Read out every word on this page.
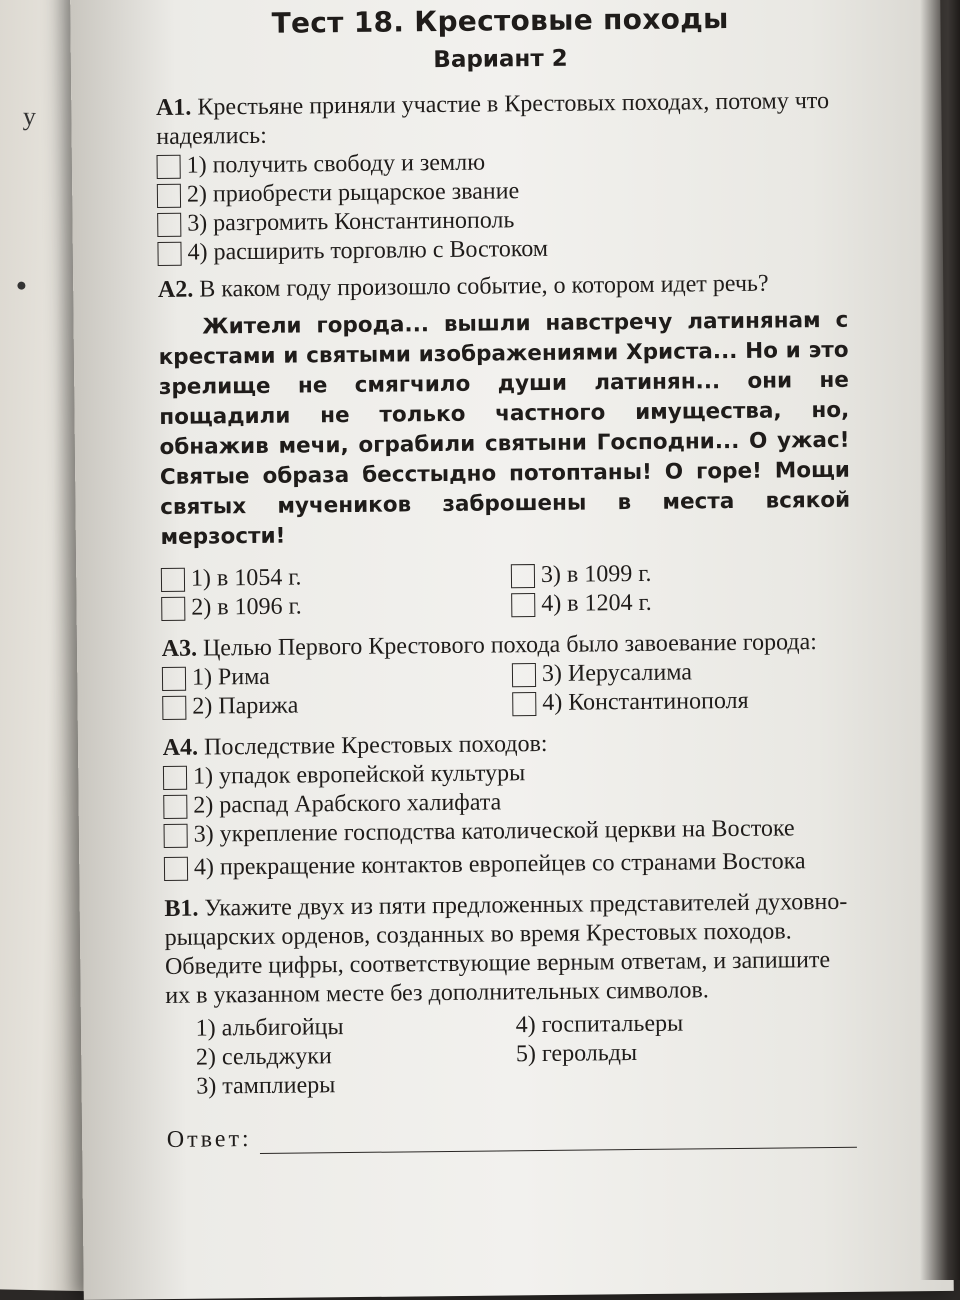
у
Тест 18. Крестовые походы
Вариант 2
А1. Крестьяне приняли участие в Крестовых походах, потому что надеялись:
1) получить свободу и землю
2) приобрести рыцарское звание
3) разгромить Константинополь
4) расширить торговлю с Востоком
А2. В каком году произошло событие, о котором идет речь?

Жители города... вышли навстречу латинянам с крестами и святыми изображениями Христа... Но и это зрелище не смягчило души латинян... они не пощадили не только частного имущества, но, обнажив мечи, ограбили святыни Господни... О ужас! Святые образа бесстыдно потоптаны! О горе! Мощи святых мучеников заброшены в места всякой мерзости!

1) в 1054 г.	3) в 1099 г.
2) в 1096 г.	4) в 1204 г.
А3. Целью Первого Крестового похода было завоевание города:
1) Рима	3) Иерусалима
2) Парижа	4) Константинополя
А4. Последствие Крестовых походов:
1) упадок европейской культуры
2) распад Арабского халифата
3) укрепление господства католической церкви на Востоке
4) прекращение контактов европейцев со странами Востока
В1. Укажите двух из пяти предложенных представителей духовно-рыцарских орденов, созданных во время Крестовых походов. Обведите цифры, соответствующие верным ответам, и запишите их в указанном месте без дополнительных символов.
1) альбигойцы	4) госпитальеры
2) сельджуки	5) герольды
3) тамплиеры
Ответ:
